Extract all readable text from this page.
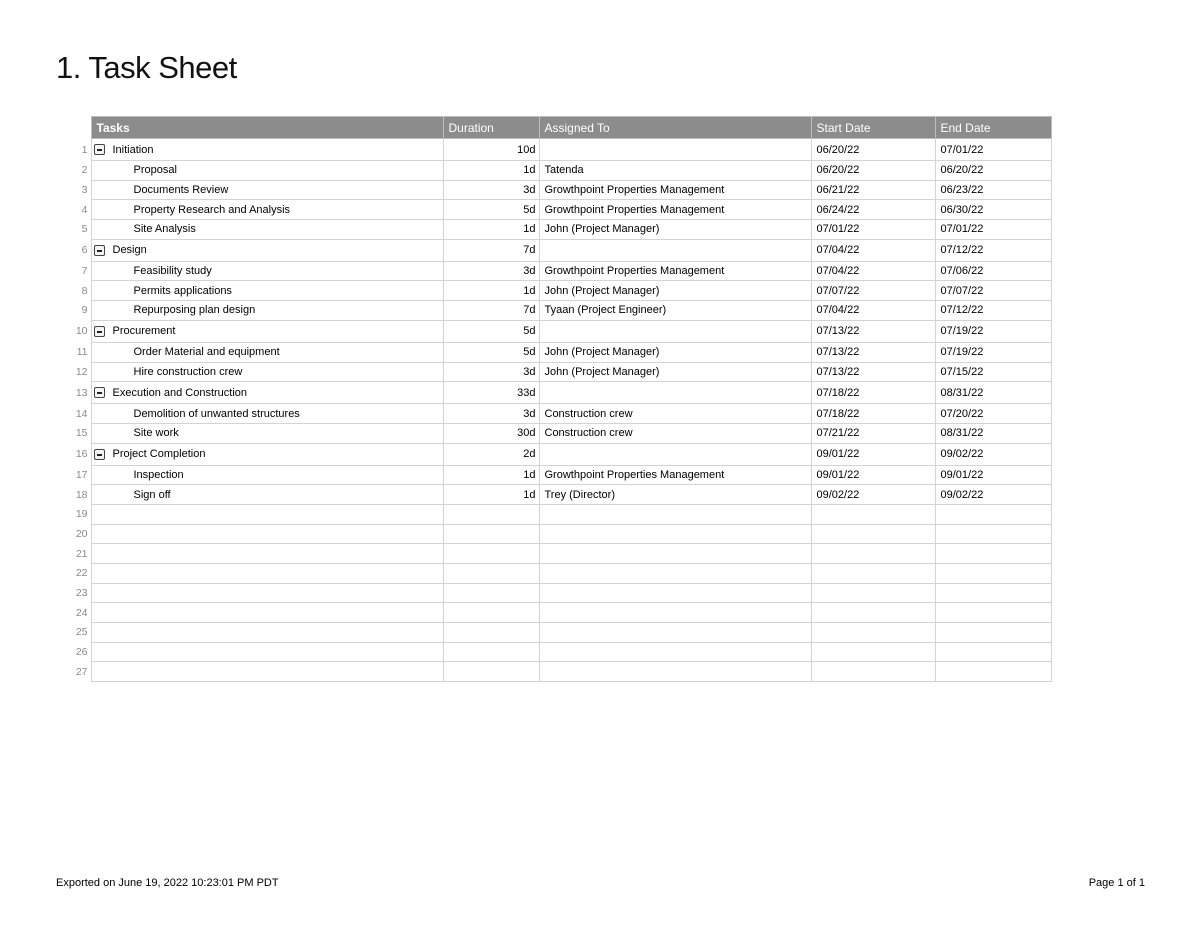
1. Task Sheet
	Tasks	Duration	Assigned To	Start Date	End Date
1	Initiation	10d		06/20/22	07/01/22
2	Proposal	1d	Tatenda	06/20/22	06/20/22
3	Documents Review	3d	Growthpoint Properties Management	06/21/22	06/23/22
4	Property Research and Analysis	5d	Growthpoint Properties Management	06/24/22	06/30/22
5	Site Analysis	1d	John (Project Manager)	07/01/22	07/01/22
6	Design	7d		07/04/22	07/12/22
7	Feasibility study	3d	Growthpoint Properties Management	07/04/22	07/06/22
8	Permits applications	1d	John (Project Manager)	07/07/22	07/07/22
9	Repurposing plan design	7d	Tyaan (Project Engineer)	07/04/22	07/12/22
10	Procurement	5d		07/13/22	07/19/22
11	Order Material and equipment	5d	John (Project Manager)	07/13/22	07/19/22
12	Hire construction crew	3d	John (Project Manager)	07/13/22	07/15/22
13	Execution and Construction	33d		07/18/22	08/31/22
14	Demolition of unwanted structures	3d	Construction crew	07/18/22	07/20/22
15	Site work	30d	Construction crew	07/21/22	08/31/22
16	Project Completion	2d		09/01/22	09/02/22
17	Inspection	1d	Growthpoint Properties Management	09/01/22	09/01/22
18	Sign off	1d	Trey (Director)	09/02/22	09/02/22
19					
20					
21					
22					
23					
24					
25					
26					
27					
Exported on June 19, 2022 10:23:01 PM PDT	Page 1 of 1
